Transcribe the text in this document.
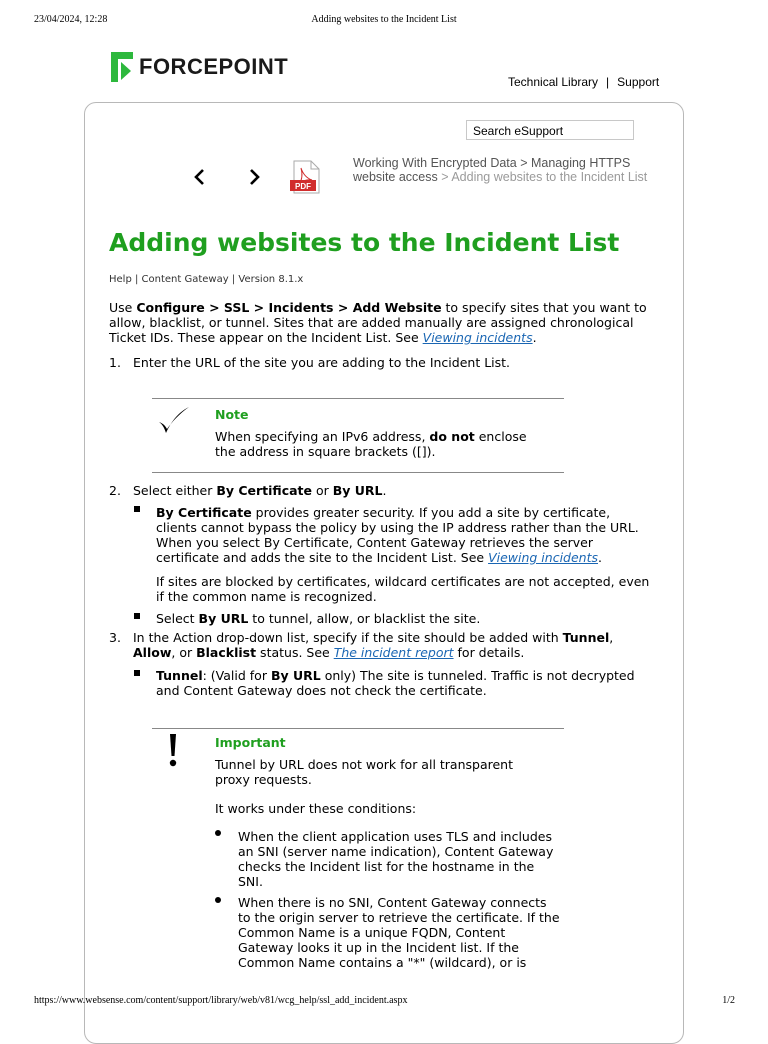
23/04/2024, 12:28	Adding websites to the Incident List
FORCEPOINT
Technical Library | Support
Search eSupport
PDF
Working With Encrypted Data > Managing HTTPS website access > Adding websites to the Incident List
Adding websites to the Incident List
Help | Content Gateway | Version 8.1.x
Use Configure > SSL > Incidents > Add Website to specify sites that you want to allow, blacklist, or tunnel. Sites that are added manually are assigned chronological Ticket IDs. These appear on the Incident List. See Viewing incidents.
1. Enter the URL of the site you are adding to the Incident List.
Note
When specifying an IPv6 address, do not enclose the address in square brackets ([]).
2. Select either By Certificate or By URL.
By Certificate provides greater security. If you add a site by certificate, clients cannot bypass the policy by using the IP address rather than the URL. When you select By Certificate, Content Gateway retrieves the server certificate and adds the site to the Incident List. See Viewing incidents.
If sites are blocked by certificates, wildcard certificates are not accepted, even if the common name is recognized.
Select By URL to tunnel, allow, or blacklist the site.
3. In the Action drop-down list, specify if the site should be added with Tunnel, Allow, or Blacklist status. See The incident report for details.
Tunnel: (Valid for By URL only) The site is tunneled. Traffic is not decrypted and Content Gateway does not check the certificate.
Important
Tunnel by URL does not work for all transparent proxy requests.
It works under these conditions:
When the client application uses TLS and includes an SNI (server name indication), Content Gateway checks the Incident list for the hostname in the SNI.
When there is no SNI, Content Gateway connects to the origin server to retrieve the certificate. If the Common Name is a unique FQDN, Content Gateway looks it up in the Incident list. If the Common Name contains a "*" (wildcard), or is
https://www.websense.com/content/support/library/web/v81/wcg_help/ssl_add_incident.aspx	1/2
